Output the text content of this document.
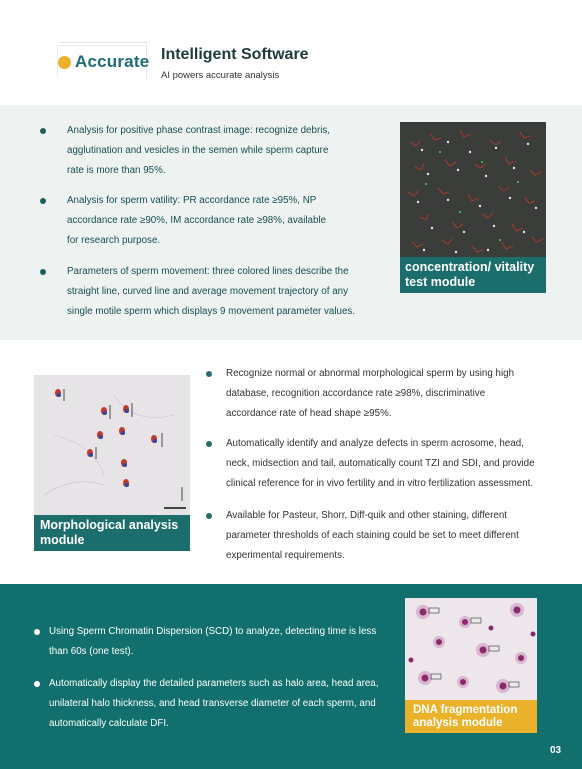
Accurate Intelligent Software
AI powers accurate analysis
Analysis for positive phase contrast image: recognize debris,
agglutination and vesicles in the semen while sperm capture
rate is more than 95%.
Analysis for sperm vatility: PR accordance rate ≥95%, NP
accordance rate ≥90%, IM accordance rate ≥98%, available
for research purpose.
Parameters of sperm movement: three colored lines describe the
straight line, curved line and average movement trajectory of any
single motile sperm which displays 9 movement parameter values.
concentration/ vitality
test module
Morphological analysis
module
Recognize normal or abnormal morphological sperm by using high
database, recognition accordance rate ≥98%, discriminative
accordance rate of head shape ≥95%.
Automatically identify and analyze defects in sperm acrosome, head,
neck, midsection and tail, automatically count TZI and SDI, and provide
clinical reference for in vivo fertility and in vitro fertilization assessment.
Available for Pasteur, Shorr, Diff-quik and other staining, different
parameter thresholds of each staining could be set to meet different
experimental requirements.
Using Sperm Chromatin Dispersion (SCD) to analyze, detecting time is less
than 60s (one test).
Automatically display the detailed parameters such as halo area, head area,
unilateral halo thickness, and head transverse diameter of each sperm, and
automatically calculate DFI.
DNA fragmentation
analysis module
03
